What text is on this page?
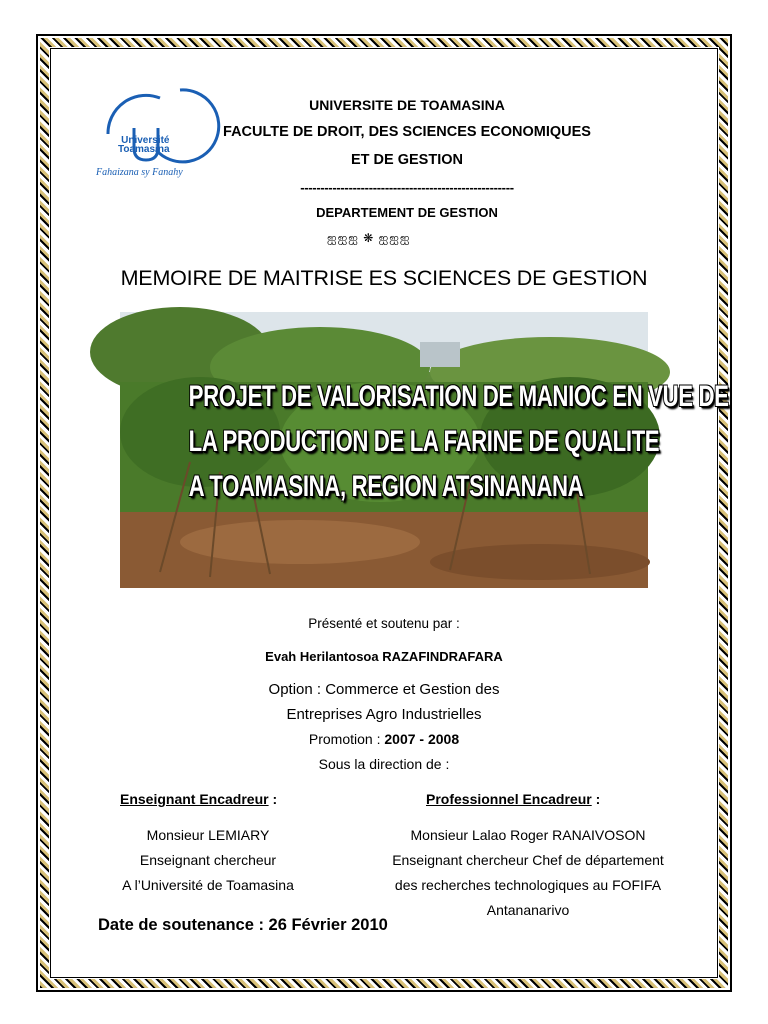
Université
Toamasina
Fahaizana sy Fanahy
UNIVERSITE DE TOAMASINA
FACULTE DE DROIT, DES SCIENCES ECONOMIQUES
ET DE GESTION
-----------------------------------------------------
DEPARTEMENT DE GESTION
ஐஐஐ ❋ ஐஐஐ
MEMOIRE DE MAITRISE ES SCIENCES DE GESTION
PROJET DE VALORISATION DE MANIOC EN VUE DE
LA PRODUCTION DE LA FARINE DE QUALITE
A TOAMASINA, REGION ATSINANANA
Présenté et soutenu par :
Evah Herilantosoa RAZAFINDRAFARA
Option : Commerce et Gestion des
Entreprises Agro Industrielles
Promotion : 2007 - 2008
Sous la direction de :
Enseignant Encadreur :	Professionnel Encadreur :
Monsieur LEMIARY
Enseignant chercheur
A l’Université de Toamasina
Monsieur Lalao Roger RANAIVOSON
Enseignant chercheur Chef de département
des recherches technologiques au FOFIFA
Antananarivo
Date de soutenance : 26 Février 2010
